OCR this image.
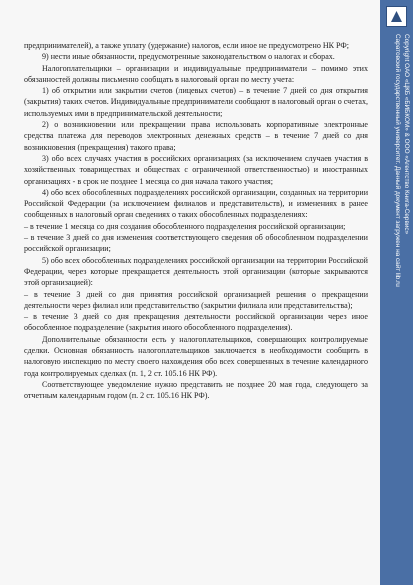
предпринимателей), а также уплату (удержание) налогов, если иное не предусмотрено НК РФ;

9) нести иные обязанности, предусмотренные законодательством о налогах и сборах.

Налогоплательщики – организации и индивидуальные предприниматели – помимо этих обязанностей должны письменно сообщать в налоговый орган по месту учета:

1) об открытии или закрытии счетов (лицевых счетов) – в течение 7 дней со дня открытия (закрытия) таких счетов. Индивидуальные предприниматели сообщают в налоговый орган о счетах, используемых ими в предпринимательской деятельности;

2) о возникновении или прекращении права использовать корпоративные электронные средства платежа для переводов электронных денежных средств – в течение 7 дней со дня возникновения (прекращения) такого права;

3) обо всех случаях участия в российских организациях (за исключением случаев участия в хозяйственных товариществах и обществах с ограниченной ответственностью) и иностранных организациях - в срок не позднее 1 месяца со дня начала такого участия;

4) обо всех обособленных подразделениях российской организации, созданных на территории Российской Федерации (за исключением филиалов и представительств), и изменениях в ранее сообщенных в налоговый орган сведениях о таких обособленных подразделениях:

– в течение 1 месяца со дня создания обособленного подразделения российской организации;

– в течение 3 дней со дня изменения соответствующего сведения об обособленном подразделении российской организации;

5) обо всех обособленных подразделениях российской организации на территории Российской Федерации, через которые прекращается деятельность этой организации (которые закрываются этой организацией):

– в течение 3 дней со дня принятия российской организацией решения о прекращении деятельности через филиал или представительство (закрытии филиала или представительства);

– в течение 3 дней со дня прекращения деятельности российской организации через иное обособленное подразделение (закрытия иного обособленного подразделения).

Дополнительные обязанности есть у налогоплательщиков, совершающих контролируемые сделки. Основная обязанность налогоплательщиков заключается в необходимости сообщить в налоговую инспекцию по месту своего нахождения обо всех совершенных в течение календарного года контролируемых сделках (п. 1, 2 ст. 105.16 НК РФ).

Соответствующее уведомление нужно представить не позднее 20 мая года, следующего за отчетным календарным годом (п. 2 ст. 105.16 НК РФ).

Copyright ОАО «ЦКБ «БИБКОМ» & ООО «Aгентство Книга-Сервис»
Саратовский государственный университет. Данный документ загружен на сайт lib.ru
